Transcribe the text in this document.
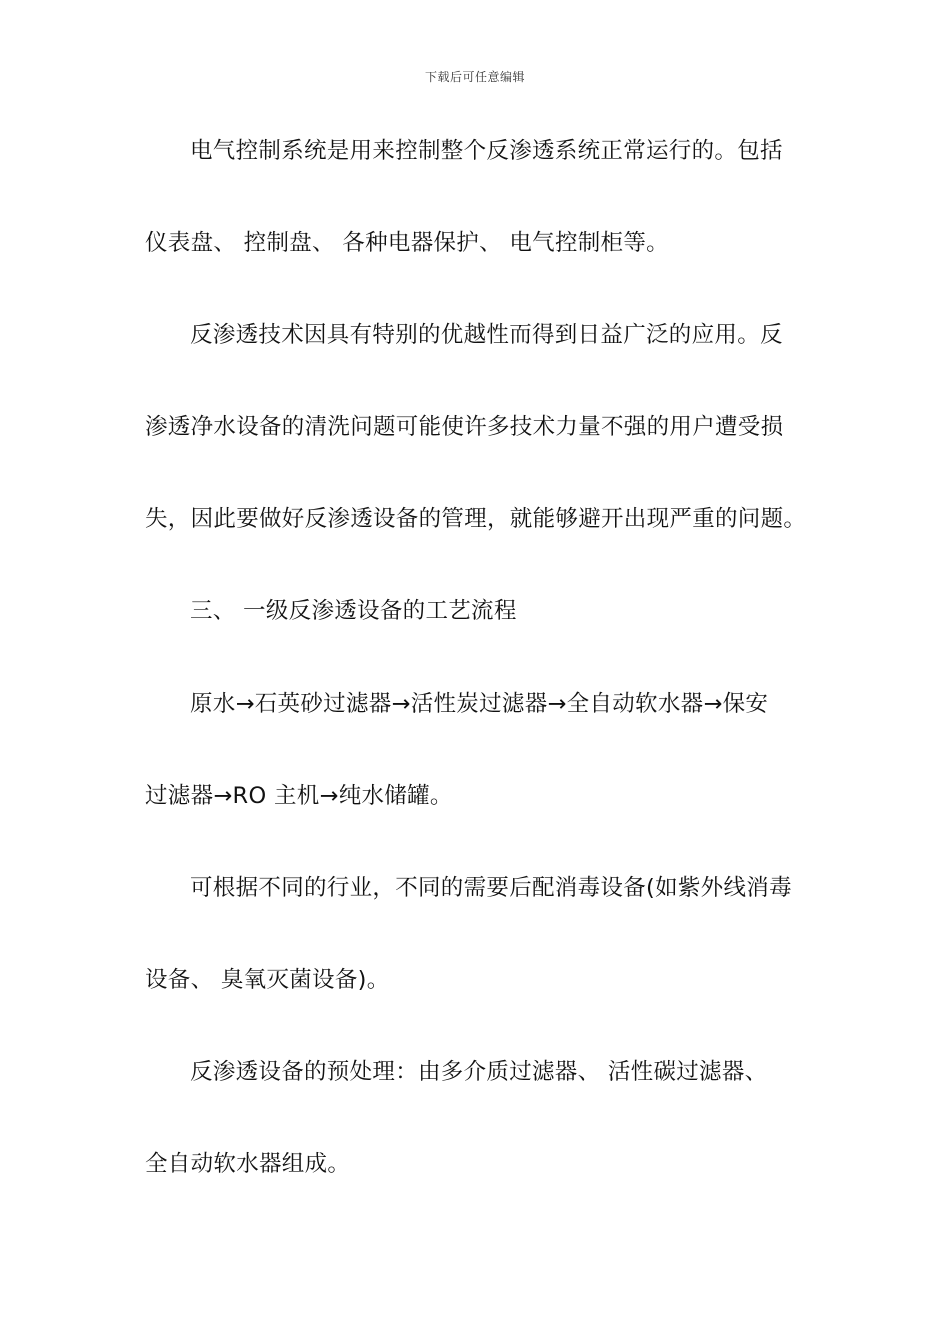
下载后可任意编辑
电气控制系统是用来控制整个反渗透系统正常运行的。包括
仪表盘、 控制盘、 各种电器保护、 电气控制柜等。
反渗透技术因具有特别的优越性而得到日益广泛的应用。反
渗透净水设备的清洗问题可能使许多技术力量不强的用户遭受损
失，因此要做好反渗透设备的管理，就能够避开出现严重的问题。
三、 一级反渗透设备的工艺流程
原水→石英砂过滤器→活性炭过滤器→全自动软水器→保安
过滤器→RO 主机→纯水储罐。
可根据不同的行业，不同的需要后配消毒设备(如紫外线消毒
设备、 臭氧灭菌设备)。
反渗透设备的预处理：由多介质过滤器、 活性碳过滤器、
全自动软水器组成。
